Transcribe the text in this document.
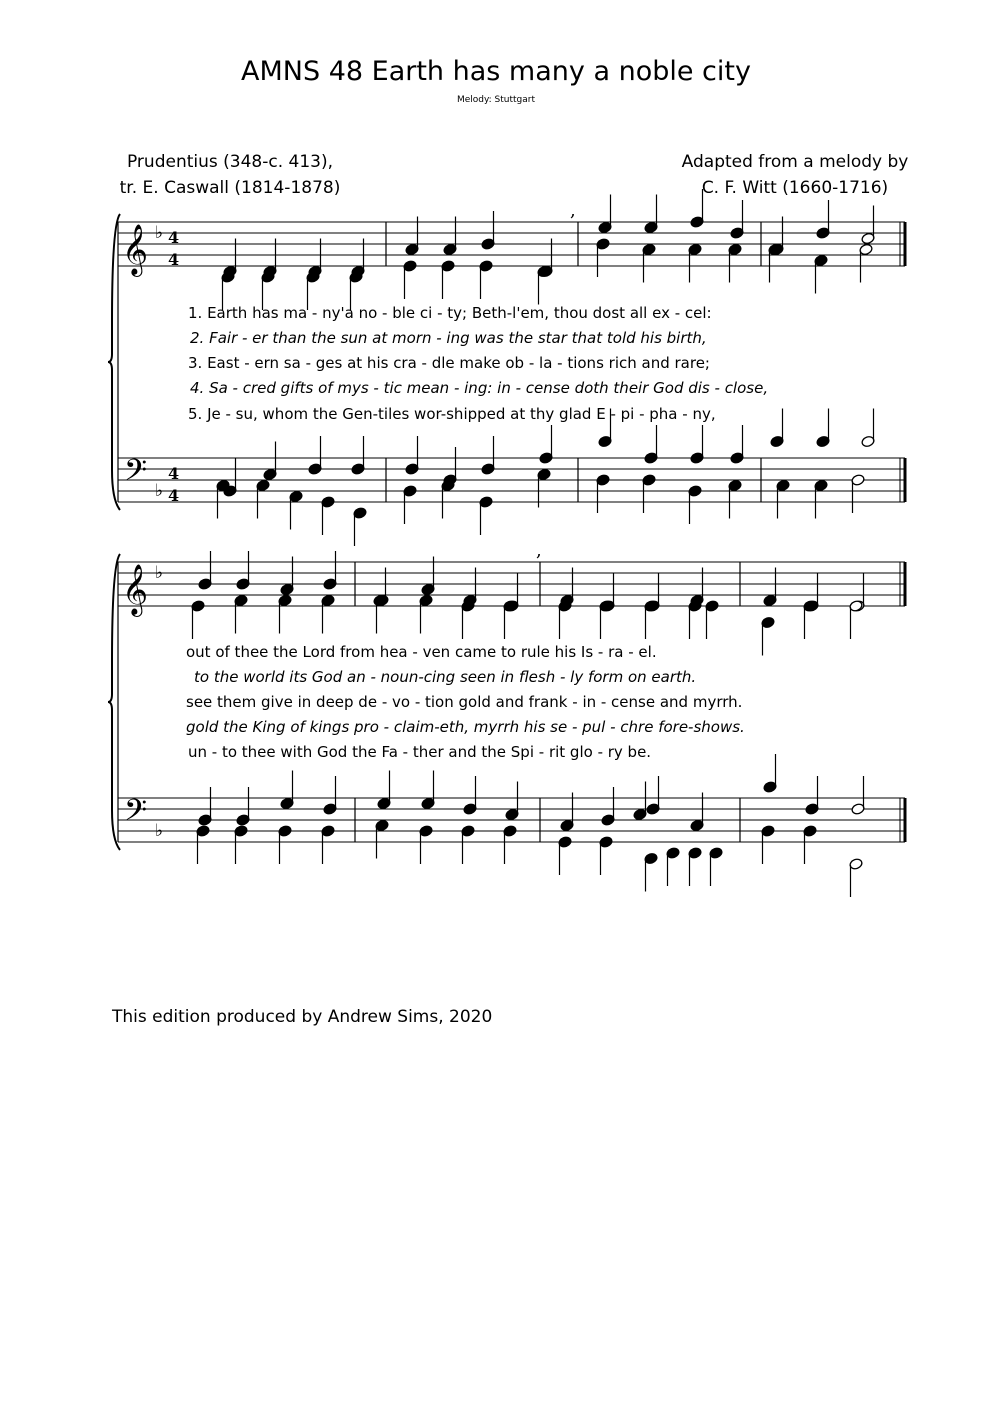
AMNS 48 Earth has many a noble city
Melody: Stuttgart
Prudentius (348-c. 413),
tr. E. Caswall (1814-1878)
Adapted from a melody by
C. F. Witt (1660-1716)
𝄞
𝄢
♭
♭
4
4
4
4
,
𝄞
𝄢
♭
♭
,
1. Earth has ma - ny'a no - ble ci - ty; Beth-l'em, thou dost all ex - cel:
2. Fair - er than the sun at morn - ing was the star that told his birth,
3. East - ern sa - ges at his cra - dle make ob - la - tions rich and rare;
4. Sa - cred gifts of mys - tic mean - ing: in - cense doth their God dis - close,
5. Je - su, whom the Gen-tiles wor-shipped at thy glad E - pi - pha - ny,
out of thee the Lord from hea - ven came to rule his Is - ra - el.
to the world its God an - noun-cing seen in flesh - ly form on earth.
see them give in deep de - vo - tion gold and frank - in - cense and myrrh.
gold the King of kings pro - claim-eth, myrrh his se - pul - chre fore-shows.
un - to thee with God the Fa - ther and the Spi - rit glo - ry be.
This edition produced by Andrew Sims, 2020
